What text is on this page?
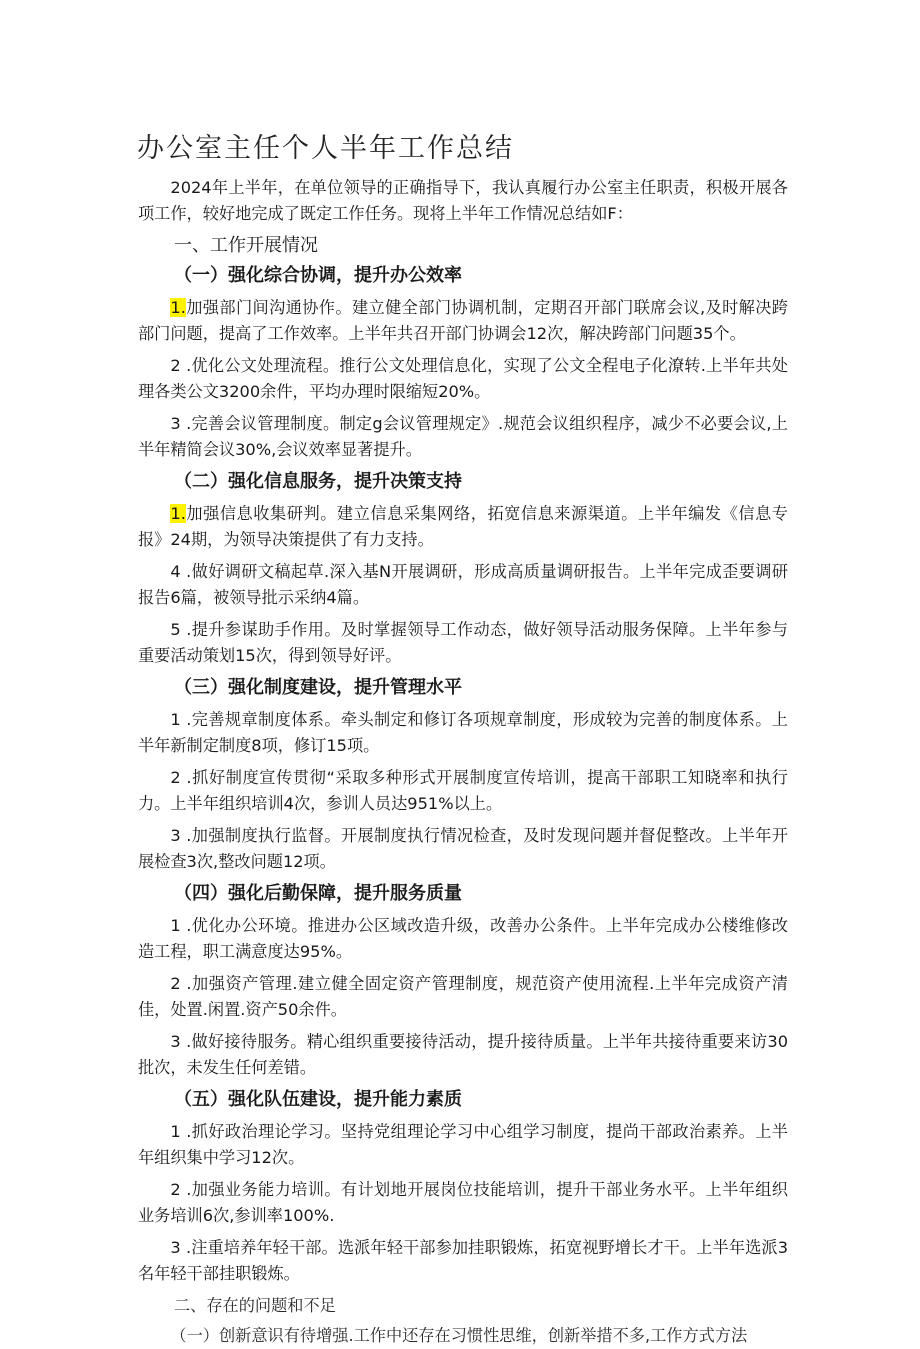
办公室主任个人半年工作总结

2024年上半年，在单位领导的正确指导下，我认真履行办公室主任职责，积极开展各项工作，较好地完成了既定工作任务。现将上半年工作情况总结如F：

一、工作开展情况
（一）强化综合协调，提升办公效率

1.加强部门间沟通协作。建立健全部门协调机制，定期召开部门联席会议,及时解决跨部门问题，提高了工作效率。上半年共召开部门协调会12次，解决跨部门问题35个。

2 .优化公文处理流程。推行公文处理信息化，实现了公文全程电子化潦转.上半年共处理各类公文3200余件，平均办理时限缩短20%。

3 .完善会议管理制度。制定g会议管理规定》.规范会议组织程序，减少不必要会议,上半年精简会议30%,会议效率显著提升。

（二）强化信息服务，提升决策支持

1.加强信息收集研判。建立信息采集网络，拓宽信息来源渠道。上半年编发《信息专报》24期，为领导决策提供了有力支持。

4 .做好调研文稿起草.深入基N开展调研，形成高质量调研报告。上半年完成歪要调研报告6篇，被领导批示采纳4篇。

5 .提升参谋助手作用。及时掌握领导工作动态，做好领导活动服务保障。上半年参与重要活动策划15次，得到领导好评。

（三）强化制度建设，提升管理水平

1 .完善规章制度体系。牵头制定和修订各项规章制度，形成较为完善的制度体系。上半年新制定制度8项，修订15项。

2 .抓好制度宣传贯彻“采取多种形式开展制度宣传培训，提高干部职工知晓率和执行力。上半年组织培训4次，参训人员达951%以上。

3 .加强制度执行监督。开展制度执行情况检查，及时发现问题并督促整改。上半年开展检查3次,整改问题12项。

（四）强化后勤保障，提升服务质量

1 .优化办公环境。推进办公区域改造升级，改善办公条件。上半年完成办公楼维修改造工程，职工满意度达95%。

2 .加强资产管理.建立健全固定资产管理制度，规范资产使用流程.上半年完成资产清佳，处置.闲置.资产50余件。

3 .做好接待服务。精心组织重要接待活动，提升接待质量。上半年共接待重要来访30批次，未发生任何差错。

（五）强化队伍建设，提升能力素质

1 .抓好政治理论学习。坚持党组理论学习中心组学习制度，提尚干部政治素养。上半年组织集中学习12次。

2 .加强业务能力培训。有计划地开展岗位技能培训，提升干部业务水平。上半年组织业务培训6次,参训率100%.

3 .注重培养年轻干部。选派年轻干部参加挂职锻炼，拓宽视野增长才干。上半年选派3名年轻干部挂职锻炼。

二、存在的问题和不足

（一）创新意识有待增强.工作中还存在习惯性思维，创新举措不多,工作方式方法
